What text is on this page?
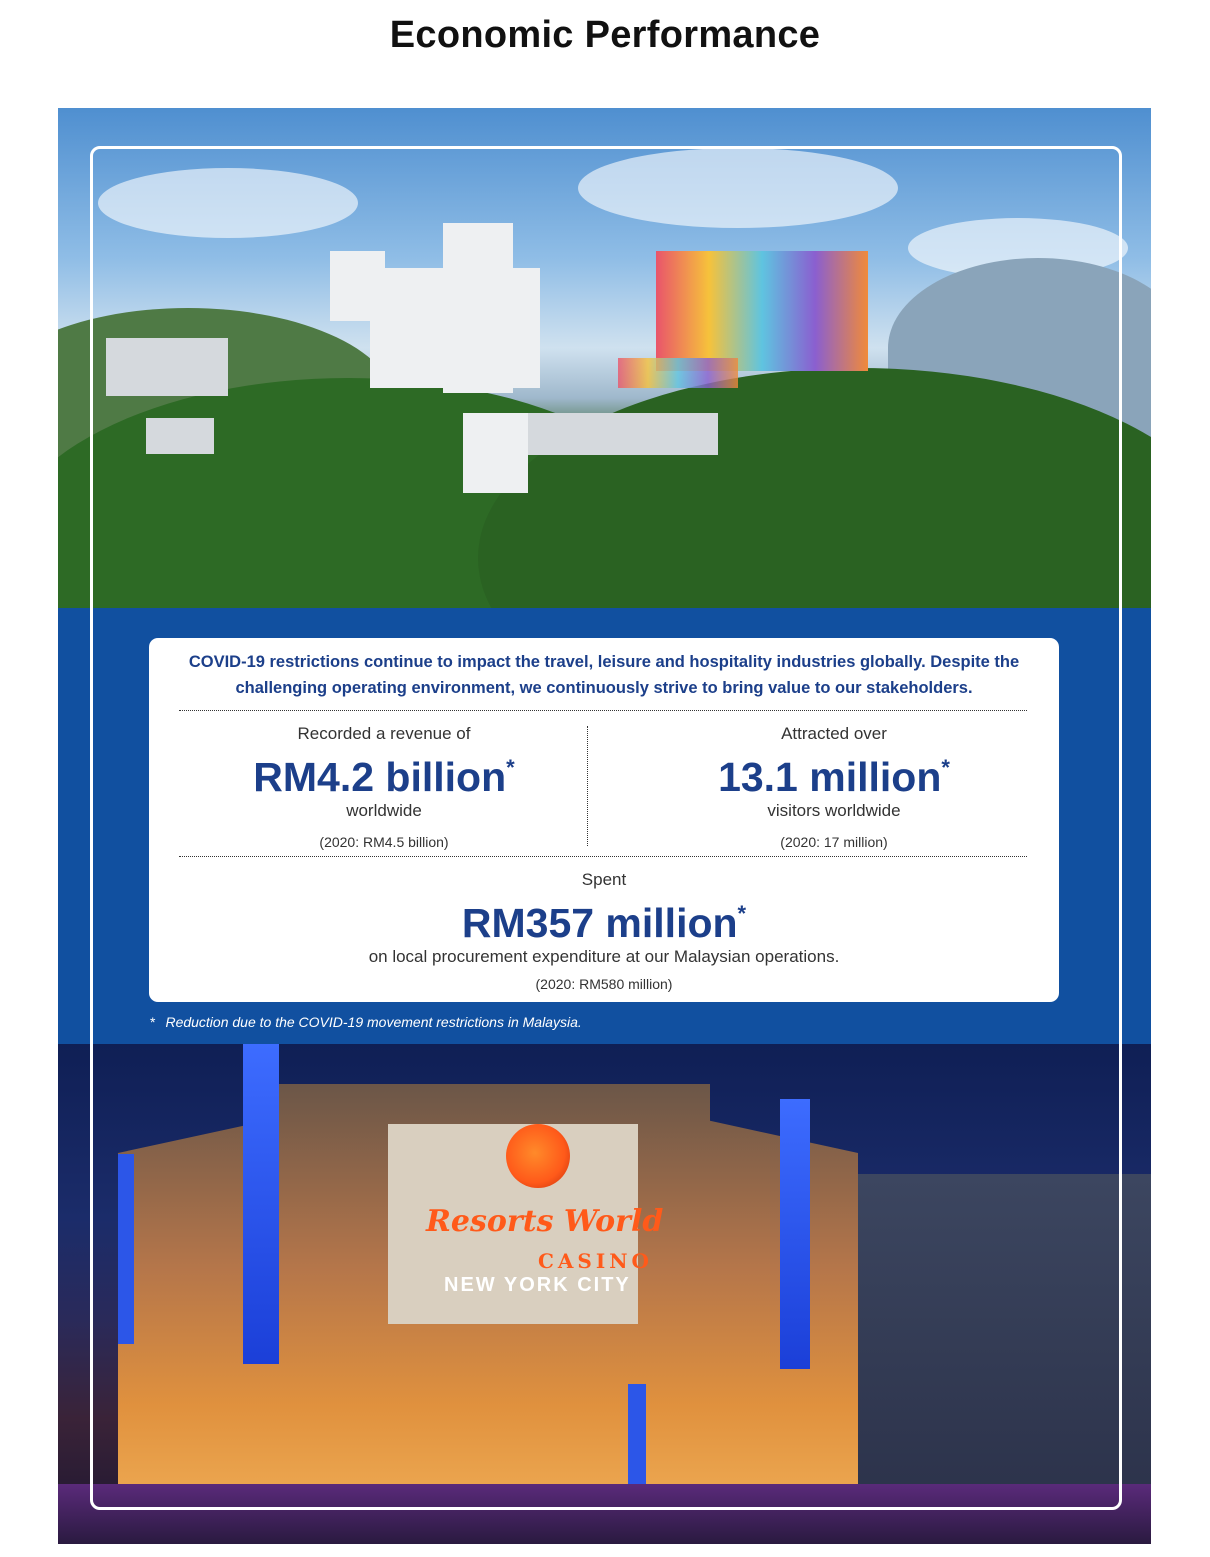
Economic Performance
Resorts World
CASINO
NEW YORK CITY
COVID-19 restrictions continue to impact the travel, leisure and hospitality industries globally. Despite the challenging operating environment, we continuously strive to bring value to our stakeholders.
Recorded a revenue of
RM4.2 billion*
worldwide
(2020: RM4.5 billion)
Attracted over
13.1 million*
visitors worldwide
(2020: 17 million)
Spent
RM357 million*
on local procurement expenditure at our Malaysian operations.
(2020: RM580 million)
* Reduction due to the COVID-19 movement restrictions in Malaysia.
